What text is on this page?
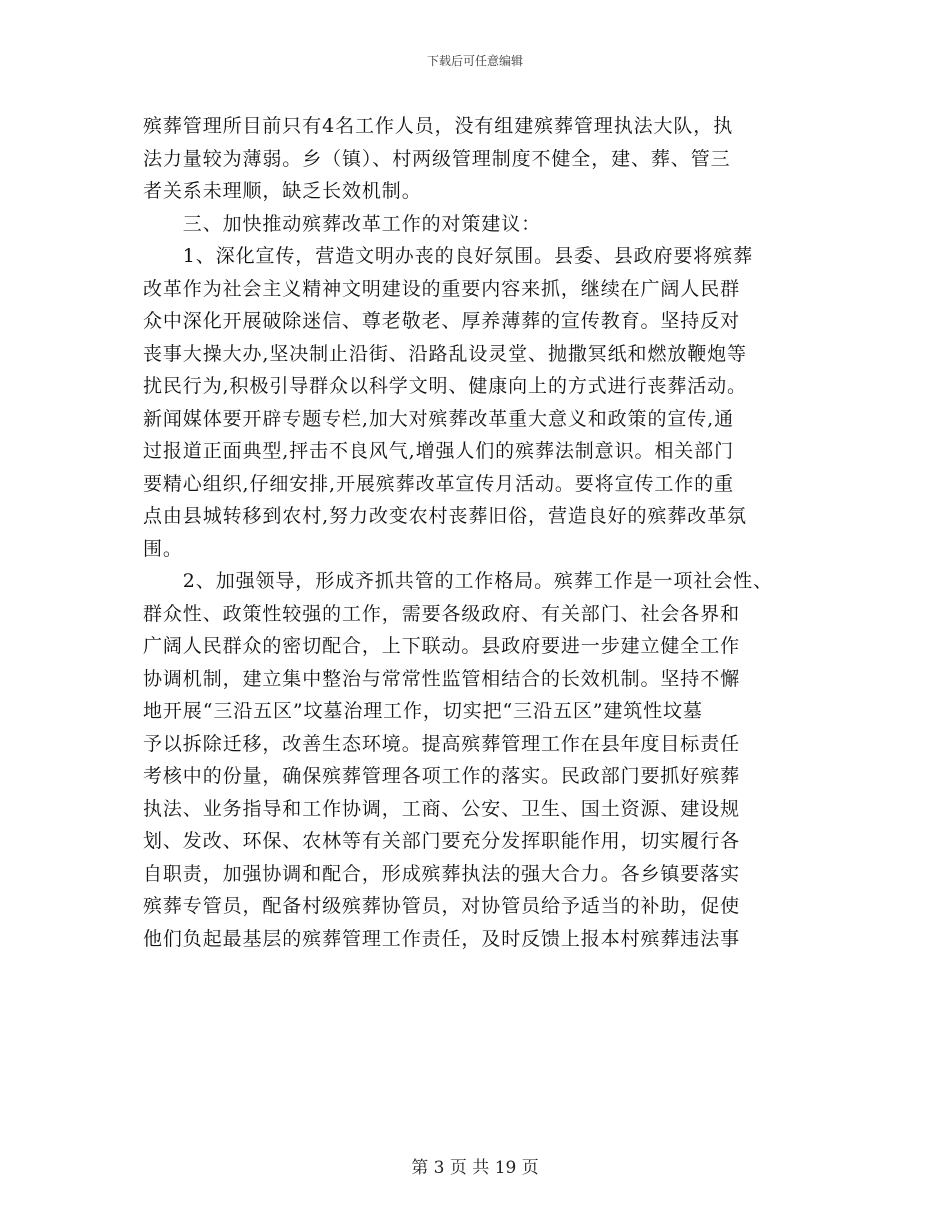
下载后可任意编辑
殡葬管理所目前只有4名工作人员，没有组建殡葬管理执法大队，执
法力量较为薄弱。乡（镇）、村两级管理制度不健全，建、葬、管三
者关系未理顺，缺乏长效机制。
　　三、加快推动殡葬改革工作的对策建议：
　　1、深化宣传，营造文明办丧的良好氛围。县委、县政府要将殡葬
改革作为社会主义精神文明建设的重要内容来抓，继续在广阔人民群
众中深化开展破除迷信、尊老敬老、厚养薄葬的宣传教育。坚持反对
丧事大操大办,坚决制止沿街、沿路乱设灵堂、抛撒冥纸和燃放鞭炮等
扰民行为,积极引导群众以科学文明、健康向上的方式进行丧葬活动。
新闻媒体要开辟专题专栏,加大对殡葬改革重大意义和政策的宣传,通
过报道正面典型,抨击不良风气,增强人们的殡葬法制意识。相关部门
要精心组织,仔细安排,开展殡葬改革宣传月活动。要将宣传工作的重
点由县城转移到农村,努力改变农村丧葬旧俗，营造良好的殡葬改革氛
围。
　　2、加强领导，形成齐抓共管的工作格局。殡葬工作是一项社会性、
群众性、政策性较强的工作，需要各级政府、有关部门、社会各界和
广阔人民群众的密切配合，上下联动。县政府要进一步建立健全工作
协调机制，建立集中整治与常常性监管相结合的长效机制。坚持不懈
地开展“三沿五区”坟墓治理工作，切实把“三沿五区”建筑性坟墓
予以拆除迁移，改善生态环境。提高殡葬管理工作在县年度目标责任
考核中的份量，确保殡葬管理各项工作的落实。民政部门要抓好殡葬
执法、业务指导和工作协调，工商、公安、卫生、国土资源、建设规
划、发改、环保、农林等有关部门要充分发挥职能作用，切实履行各
自职责，加强协调和配合，形成殡葬执法的强大合力。各乡镇要落实
殡葬专管员，配备村级殡葬协管员，对协管员给予适当的补助，促使
他们负起最基层的殡葬管理工作责任，及时反馈上报本村殡葬违法事
第 3 页 共 19 页
